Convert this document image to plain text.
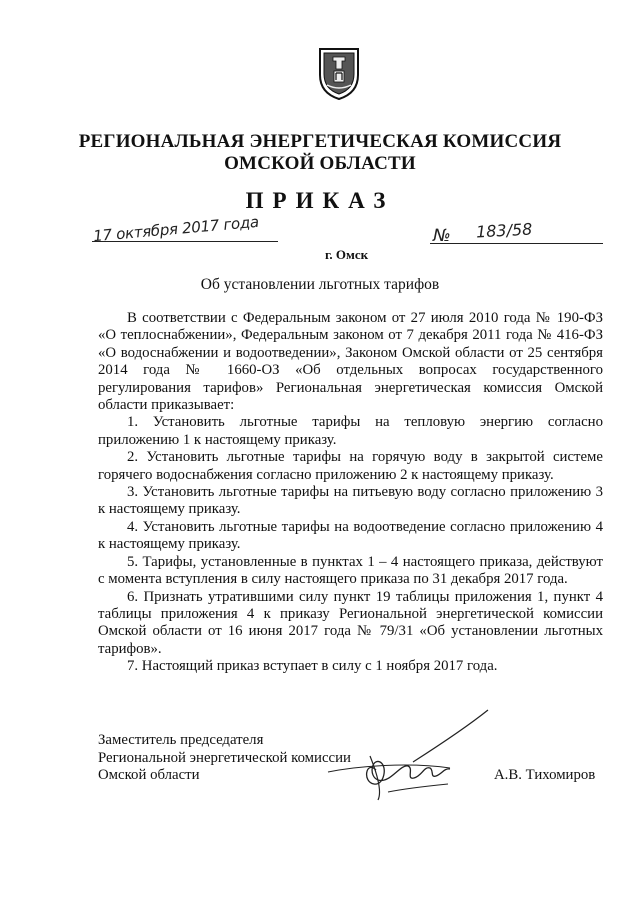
РЕГИОНАЛЬНАЯ ЭНЕРГЕТИЧЕСКАЯ КОМИССИЯ
ОМСКОЙ ОБЛАСТИ
ПРИКАЗ
17 октября 2017 года	№ 183/58
г. Омск
Об установлении льготных тарифов

В соответствии с Федеральным законом от 27 июля 2010 года № 190-ФЗ «О теплоснабжении», Федеральным законом от 7 декабря 2011 года № 416-ФЗ «О водоснабжении и водоотведении», Законом Омской области от 25 сентября 2014 года № 1660-ОЗ «Об отдельных вопросах государственного регулирования тарифов» Региональная энергетическая комиссия Омской области приказывает:

1. Установить льготные тарифы на тепловую энергию согласно приложению 1 к настоящему приказу.

2. Установить льготные тарифы на горячую воду в закрытой системе горячего водоснабжения согласно приложению 2 к настоящему приказу.

3. Установить льготные тарифы на питьевую воду согласно приложению 3 к настоящему приказу.

4. Установить льготные тарифы на водоотведение согласно приложению 4 к настоящему приказу.

5. Тарифы, установленные в пунктах 1 – 4 настоящего приказа, действуют с момента вступления в силу настоящего приказа по 31 декабря 2017 года.

6. Признать утратившими силу пункт 19 таблицы приложения 1, пункт 4 таблицы приложения 4 к приказу Региональной энергетической комиссии Омской области от 16 июня 2017 года № 79/31 «Об установлении льготных тарифов».

7. Настоящий приказ вступает в силу с 1 ноября 2017 года.

Заместитель председателя
Региональной энергетической комиссии
Омской области	А.В. Тихомиров
